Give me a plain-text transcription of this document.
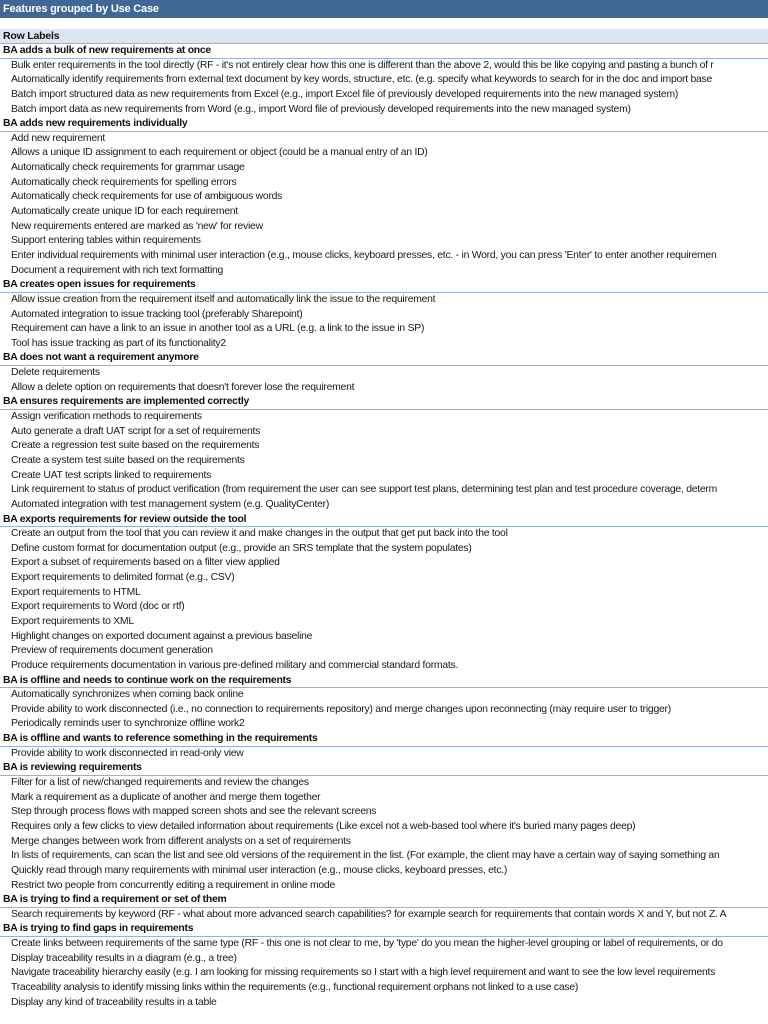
Features grouped by Use Case
Row Labels
BA adds a bulk of new requirements at once
Bulk enter requirements in the tool directly (RF - it's not entirely clear how this one is different than the above 2, would this be like copying and pasting a bunch of r
Automatically identify requirements from external text document by key words, structure, etc. (e.g. specify what keywords to search for in the doc and import base
Batch import structured data as new requirements from Excel (e.g., import Excel file of previously developed requirements into the new managed system)
Batch import data as new requirements from Word (e.g., import Word file of previously developed requirements into the new managed system)
BA adds new requirements individually
Add new requirement
Allows a unique ID assignment to each requirement or object (could be a manual entry of an ID)
Automatically check requirements for grammar usage
Automatically check requirements for spelling errors
Automatically check requirements for use of ambiguous words
Automatically create unique ID for each requirement
New requirements entered are marked as 'new' for review
Support entering tables within requirements
Enter individual requirements with minimal user interaction (e.g., mouse clicks, keyboard presses, etc. - in Word, you can press 'Enter' to enter another requiremen
Document a requirement with rich text formatting
BA creates open issues for requirements
Allow issue creation from the requirement itself and automatically link the issue to the requirement
Automated integration to issue tracking tool (preferably Sharepoint)
Requirement can have a link to an issue in another tool as a URL (e.g. a link to the issue in SP)
Tool has issue tracking as part of its functionality2
BA does not want a requirement anymore
Delete requirements
Allow a delete option on requirements that doesn't forever lose the requirement
BA ensures requirements are implemented correctly
Assign verification methods to requirements
Auto generate a draft UAT script for a set of requirements
Create a regression test suite based on the requirements
Create a system test suite based on the requirements
Create UAT test scripts linked to requirements
Link requirement to status of product verification (from requirement the user can see support test plans, determining test plan and test procedure coverage, determ
Automated integration with test management system (e.g. QualityCenter)
BA exports requirements for review outside the tool
Create an output from the tool that you can review it and make changes in the output that get put back into the tool
Define custom format for documentation output (e.g., provide an SRS template that the system populates)
Export a subset of requirements based on a filter view applied
Export requirements to delimited format (e.g., CSV)
Export requirements to HTML
Export requirements to Word (doc or rtf)
Export requirements to XML
Highlight changes on exported document against a previous baseline
Preview of requirements document generation
Produce requirements documentation in various pre-defined military and commercial standard formats.
BA is offline and needs to continue work on the requirements
Automatically synchronizes when coming back online
Provide ability to work disconnected (i.e., no connection to requirements repository) and merge changes upon reconnecting (may require user to trigger)
Periodically reminds user to synchronize offline work2
BA is offline and wants to reference something in the requirements
Provide ability to work disconnected in read-only view
BA is reviewing requirements
Filter for a list of new/changed requirements and review the changes
Mark a requirement as a duplicate of another and merge them together
Step through process flows with mapped screen shots and see the relevant screens
Requires only a few clicks to view detailed information about requirements (Like excel not a web-based tool where it's buried many pages deep)
Merge changes between work from different analysts on a set of requirements
In lists of requirements, can scan the list and see old versions of the requirement in the list. (For example, the client may have a certain way of saying something an
Quickly read through many requirements with minimal user interaction (e.g., mouse clicks, keyboard presses, etc.)
Restrict two people from concurrently editing a requirement in online mode
BA is trying to find a requirement or set of them
Search requirements by keyword (RF - what about more advanced search capabilities? for example search for requirements that contain words X and Y, but not Z. A
BA is trying to find gaps in requirements
Create links between requirements of the same type (RF - this one is not clear to me, by 'type' do you mean the higher-level grouping or label of requirements, or do
Display traceability results in a diagram (e.g., a tree)
Navigate traceability hierarchy easily (e.g. I am looking for missing requirements so I start with a high level requirement and want to see the low level requirements
Traceability analysis to identify missing links within the requirements (e.g., functional requirement orphans not linked to a use case)
Display any kind of traceability results in a table
